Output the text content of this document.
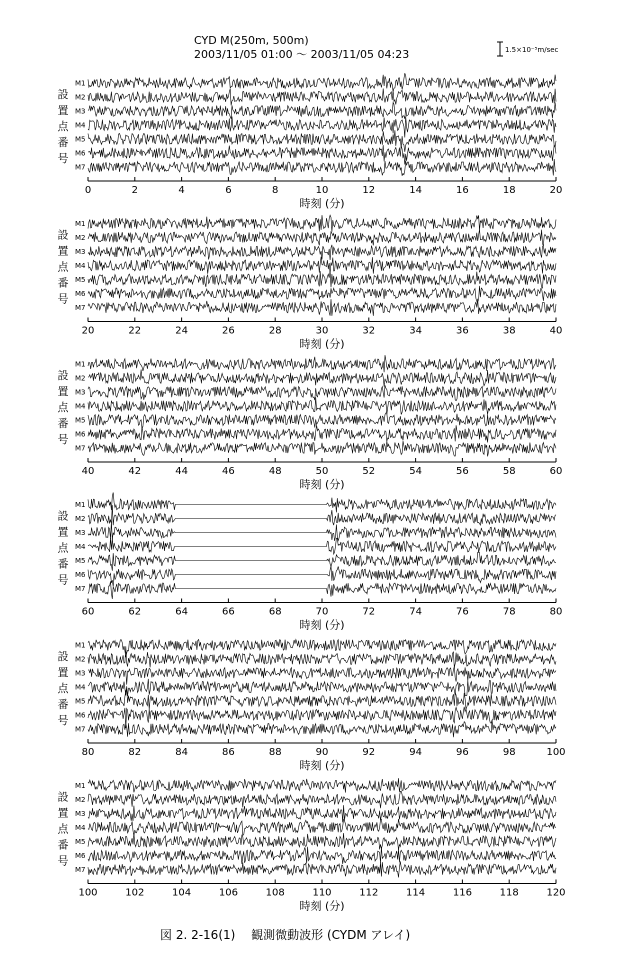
CYD M(250m, 500m)
2003/11/05 01:00 ～ 2003/11/05 04:23	1.5×10⁻⁵m/sec
M1
M2
M3
M4
M5
M6
M7
0	2	4	6	8	10	12	14	16	18	20
時刻 (分)
設
置
点
番
号
M1
M2
M3
M4
M5
M6
M7
20	22	24	26	28	30	32	34	36	38	40
時刻 (分)
設
置
点
番
号
M1
M2
M3
M4
M5
M6
M7
40	42	44	46	48	50	52	54	56	58	60
時刻 (分)
設
置
点
番
号
M1
M2
M3
M4
M5
M6
M7
60	62	64	66	68	70	72	74	76	78	80
時刻 (分)
設
置
点
番
号
M1
M2
M3
M4
M5
M6
M7
80	82	84	86	88	90	92	94	96	98	100
時刻 (分)
設
置
点
番
号
M1
M2
M3
M4
M5
M6
M7
100	102	104	106	108	110	112	114	116	118	120
時刻 (分)
設
置
点
番
号
図 2. 2-16(1)　 観測微動波形 (CYDM アレイ)
